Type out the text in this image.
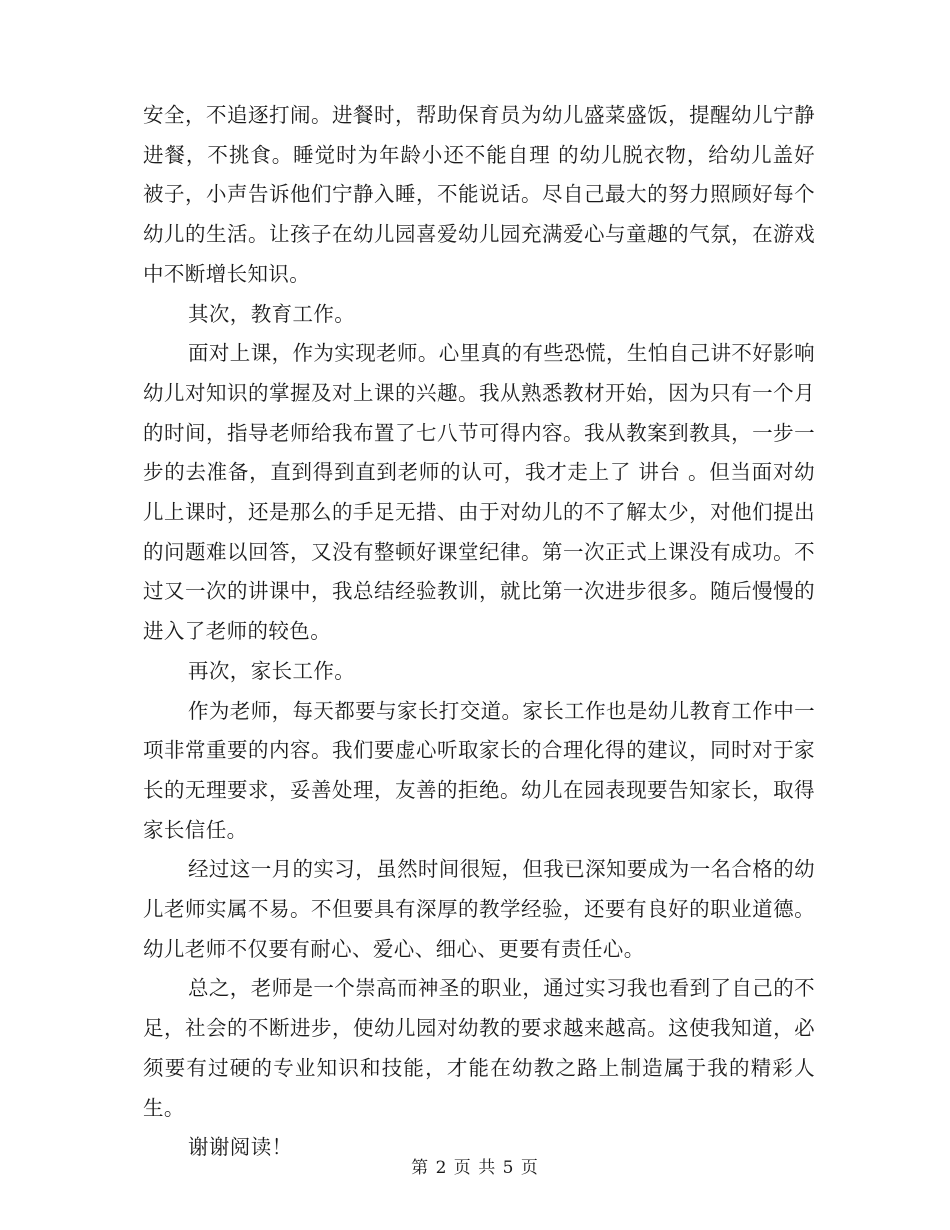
安全，不追逐打闹。进餐时，帮助保育员为幼儿盛菜盛饭，提醒幼儿宁静进餐，不挑食。睡觉时为年龄小还不能自理 的幼儿脱衣物，给幼儿盖好被子，小声告诉他们宁静入睡，不能说话。尽自己最大的努力照顾好每个幼儿的生活。让孩子在幼儿园喜爱幼儿园充满爱心与童趣的气氛，在游戏中不断增长知识。

其次，教育工作。

面对上课，作为实现老师。心里真的有些恐慌，生怕自己讲不好影响幼儿对知识的掌握及对上课的兴趣。我从熟悉教材开始，因为只有一个月的时间，指导老师给我布置了七八节可得内容。我从教案到教具，一步一步的去准备，直到得到直到老师的认可，我才走上了 讲台 。但当面对幼儿上课时，还是那么的手足无措、由于对幼儿的不了解太少，对他们提出的问题难以回答，又没有整顿好课堂纪律。第一次正式上课没有成功。不过又一次的讲课中，我总结经验教训，就比第一次进步很多。随后慢慢的进入了老师的较色。

再次，家长工作。

作为老师，每天都要与家长打交道。家长工作也是幼儿教育工作中一项非常重要的内容。我们要虚心听取家长的合理化得的建议，同时对于家长的无理要求，妥善处理，友善的拒绝。幼儿在园表现要告知家长，取得家长信任。

经过这一月的实习，虽然时间很短，但我已深知要成为一名合格的幼儿老师实属不易。不但要具有深厚的教学经验，还要有良好的职业道德。幼儿老师不仅要有耐心、爱心、细心、更要有责任心。

总之，老师是一个崇高而神圣的职业，通过实习我也看到了自己的不足，社会的不断进步，使幼儿园对幼教的要求越来越高。这使我知道，必须要有过硬的专业知识和技能，才能在幼教之路上制造属于我的精彩人生。

谢谢阅读！

第 2 页 共 5 页
